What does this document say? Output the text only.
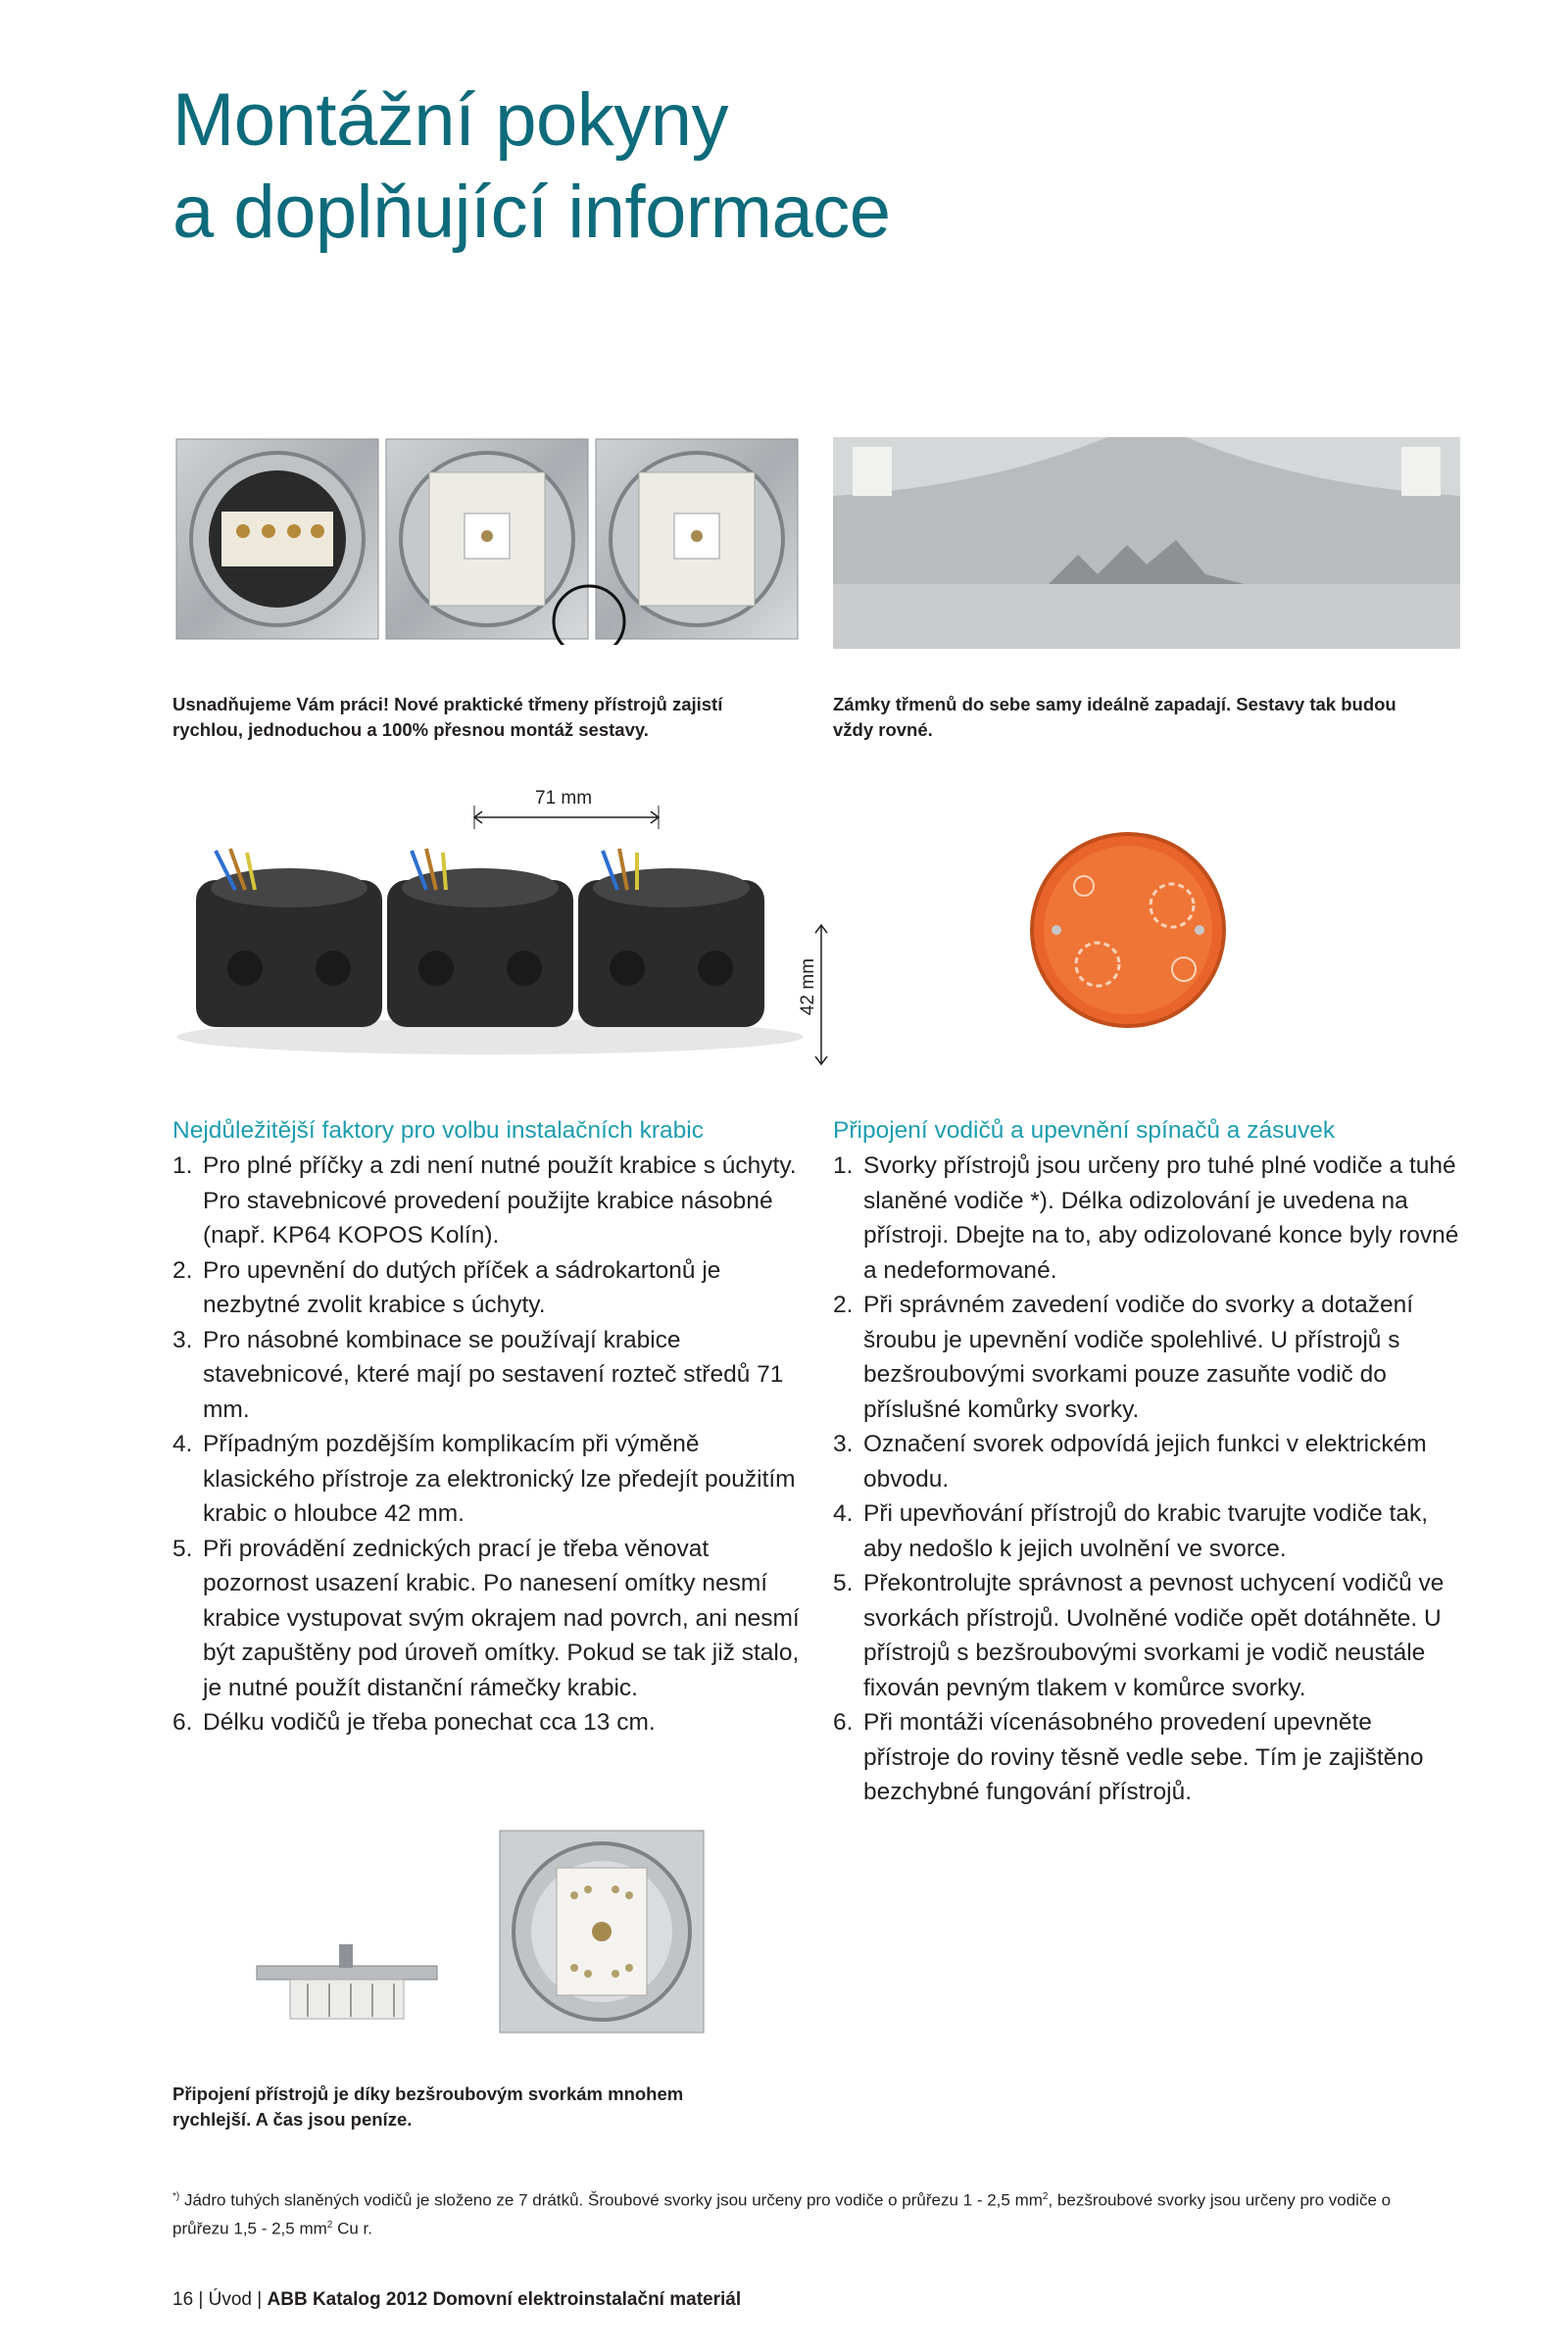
Montážní pokyny
a doplňující informace
Usnadňujeme Vám práci! Nové praktické třmeny přístrojů zajistí rychlou, jednoduchou a 100% přesnou montáž sestavy.
Zámky třmenů do sebe samy ideálně zapadají. Sestavy tak budou vždy rovné.
71 mm
42 mm
Nejdůležitější faktory pro volbu instalačních krabic
1. Pro plné příčky a zdi není nutné použít krabice s úchyty. Pro stavebnicové provedení použijte krabice násobné (např. KP64 KOPOS Kolín).
2. Pro upevnění do dutých příček a sádrokartonů je nezbytné zvolit krabice s úchyty.
3. Pro násobné kombinace se používají krabice stavebnicové, které mají po sestavení rozteč středů 71 mm.
4. Případným pozdějším komplikacím při výměně klasického přístroje za elektronický lze předejít použitím krabic o hloubce 42 mm.
5. Při provádění zednických prací je třeba věnovat pozornost usazení krabic. Po nanesení omítky nesmí krabice vystupovat svým okrajem nad povrch, ani nesmí být zapuštěny pod úroveň omítky. Pokud se tak již stalo, je nutné použít distanční rámečky krabic.
6. Délku vodičů je třeba ponechat cca 13 cm.
Připojení vodičů a upevnění spínačů a zásuvek
1. Svorky přístrojů jsou určeny pro tuhé plné vodiče a tuhé slaněné vodiče *). Délka odizolování je uvedena na přístroji. Dbejte na to, aby odizolované konce byly rovné a nedeformované.
2. Při správném zavedení vodiče do svorky a dotažení šroubu je upevnění vodiče spolehlivé. U přístrojů s bezšroubovými svorkami pouze zasuňte vodič do příslušné komůrky svorky.
3. Označení svorek odpovídá jejich funkci v elektrickém obvodu.
4. Při upevňování přístrojů do krabic tvarujte vodiče tak, aby nedošlo k jejich uvolnění ve svorce.
5. Překontrolujte správnost a pevnost uchycení vodičů ve svorkách přístrojů. Uvolněné vodiče opět dotáhněte. U přístrojů s bezšroubovými svorkami je vodič neustále fixován pevným tlakem v komůrce svorky.
6. Při montáži vícenásobného provedení upevněte přístroje do roviny těsně vedle sebe. Tím je zajištěno bezchybné fungování přístrojů.
Připojení přístrojů je díky bezšroubovým svorkám mnohem rychlejší. A čas jsou peníze.
*) Jádro tuhých slaněných vodičů je složeno ze 7 drátků. Šroubové svorky jsou určeny pro vodiče o průřezu 1 - 2,5 $mm^2$, bezšroubové svorky jsou určeny pro vodiče o průřezu 1,5 - 2,5 $mm^2$ Cu r.
16 | Úvod | ABB Katalog 2012 Domovní elektroinstalační materiál
